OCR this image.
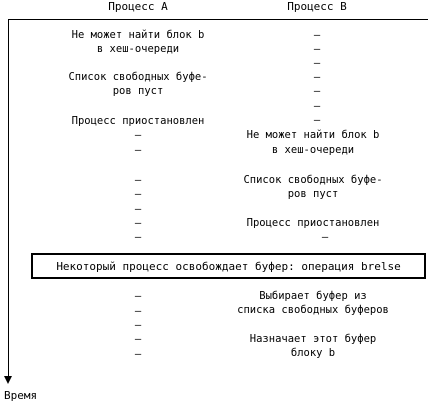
Процесс A	Процесс B
Время
Не может найти блок b
в хеш-очереди
Список свободных буфе-
ров пуст
Процесс приостановлен
–
–
–
–
–
–
–
–
–
–
–
–
–
–
Не может найти блок b
в хеш-очереди
Список свободных буфе-
ров пуст
Процесс приостановлен
–
Некоторый процесс освобождает буфер: операция brelse
–
–
–
–
–
Выбирает буфер из
списка свободных буферов
Назначает этот буфер
блоку b
